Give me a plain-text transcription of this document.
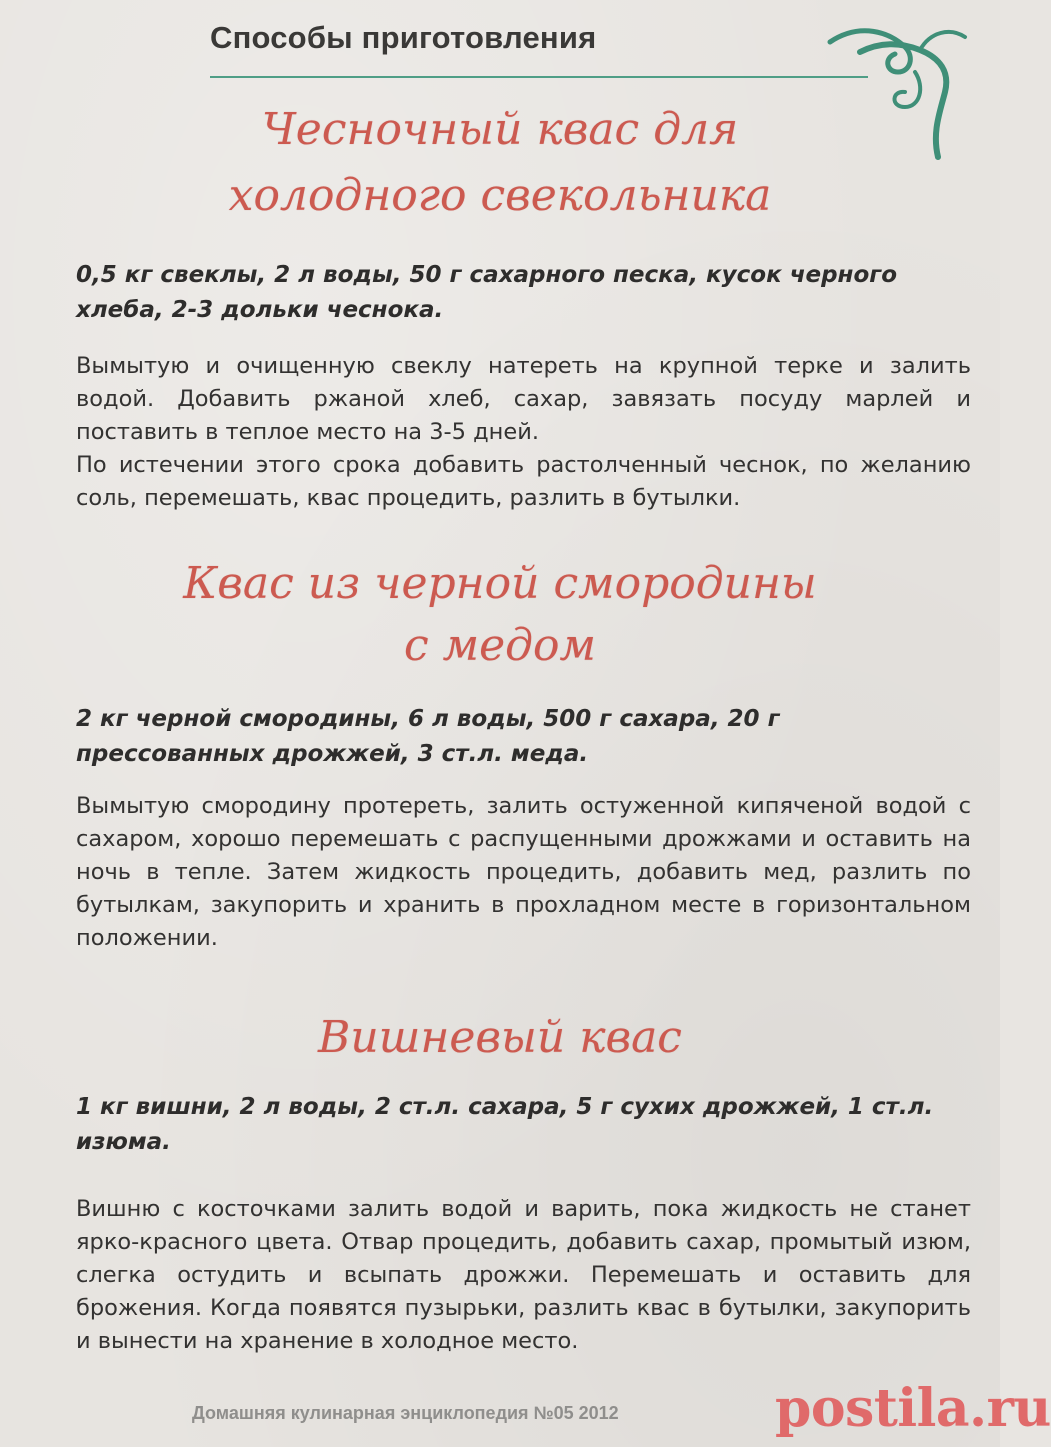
Способы приготовления
Чесночный квас для
холодного свекольника
0,5 кг свеклы, 2 л воды, 50 г сахарного песка, кусок черного хлеба, 2-3 дольки чеснока.

Вымытую и очищенную свеклу натереть на крупной терке и залить водой. Добавить ржаной хлеб, сахар, завязать посуду марлей и поставить в теплое место на 3-5 дней.

По истечении этого срока добавить растолченный чеснок, по желанию соль, перемешать, квас процедить, разлить в бутылки.

Квас из черной смородины
с медом
2 кг черной смородины, 6 л воды, 500 г сахара, 20 г прессованных дрожжей, 3 ст.л. меда.

Вымытую смородину протереть, залить остуженной кипяченой водой с сахаром, хорошо перемешать с распущенными дрожжами и оставить на ночь в тепле. Затем жидкость процедить, добавить мед, разлить по бутылкам, закупорить и хранить в прохладном месте в горизонтальном положении.

Вишневый квас
1 кг вишни, 2 л воды, 2 ст.л. сахара, 5 г сухих дрожжей, 1 ст.л. изюма.

Вишню с косточками залить водой и варить, пока жидкость не станет ярко-красного цвета. Отвар процедить, добавить сахар, промытый изюм, слегка остудить и всыпать дрожжи. Перемешать и оставить для брожения. Когда появятся пузырьки, разлить квас в бутылки, закупорить и вынести на хранение в холодное место.

Домашняя кулинарная энциклопедия №05 2012	postila.ru
